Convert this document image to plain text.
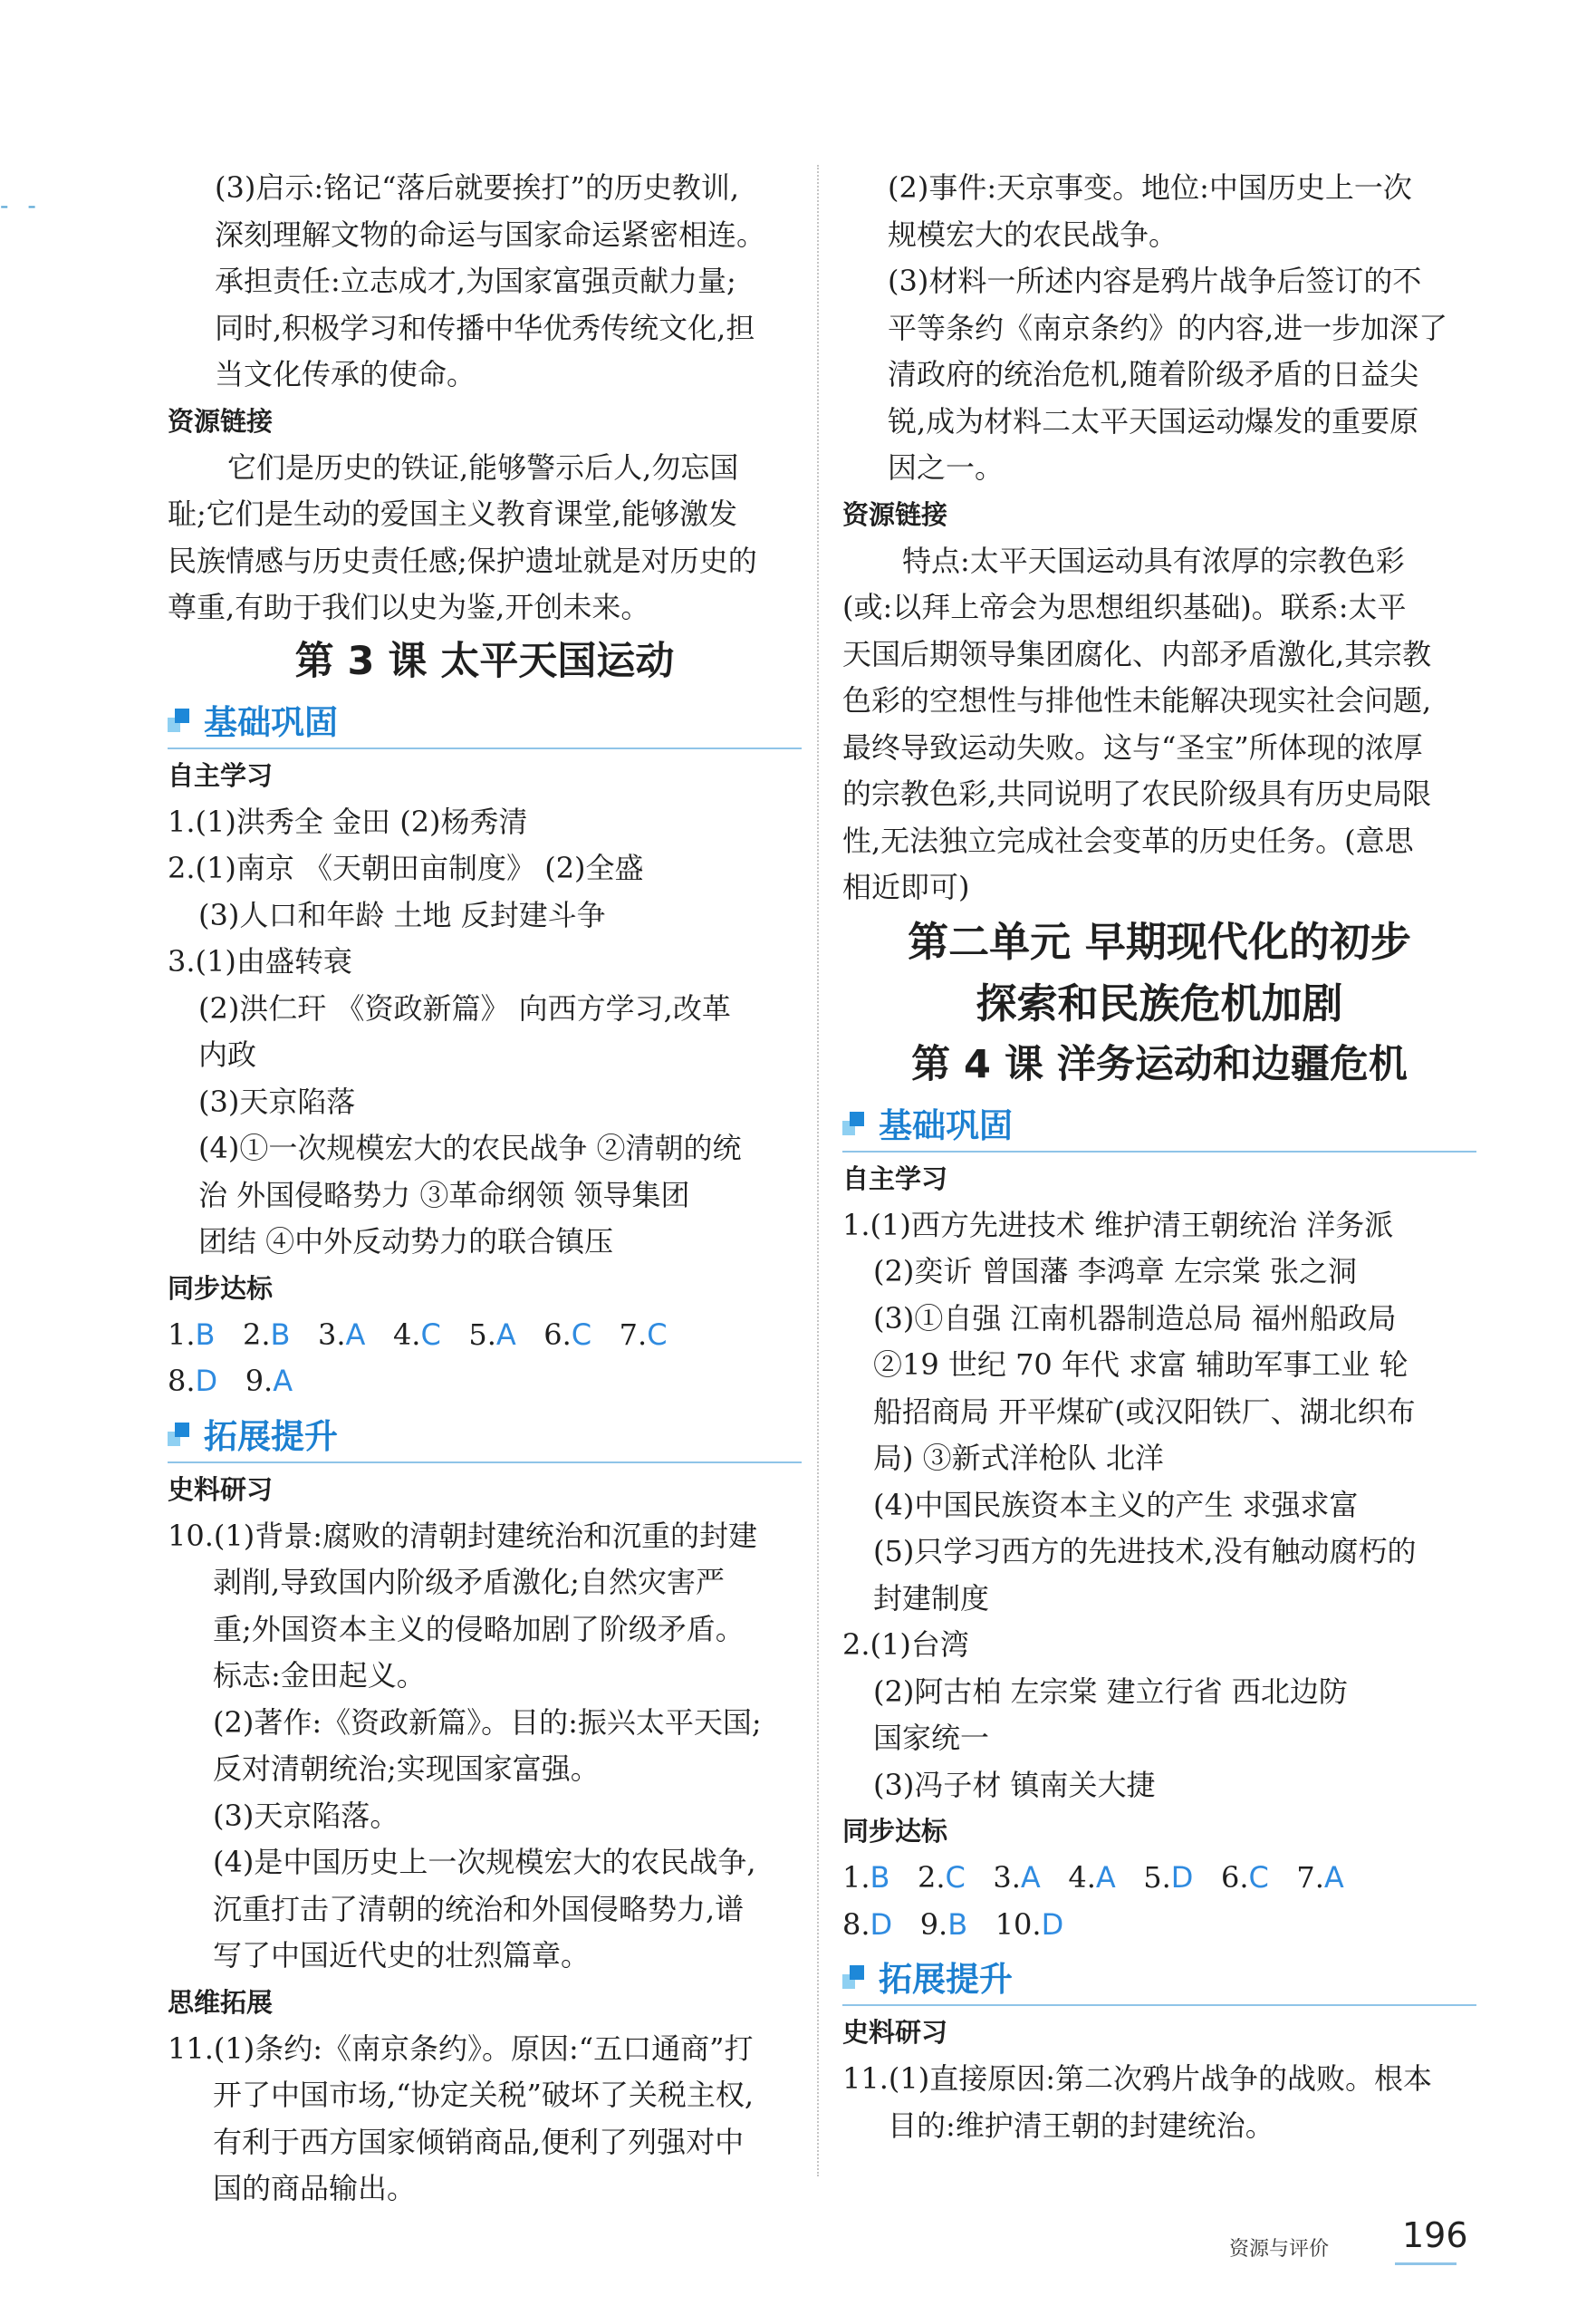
- -
(3)启示:铭记“落后就要挨打”的历史教训,
深刻理解文物的命运与国家命运紧密相连。
承担责任:立志成才,为国家富强贡献力量;
同时,积极学习和传播中华优秀传统文化,担
当文化传承的使命。
资源链接
它们是历史的铁证,能够警示后人,勿忘国
耻;它们是生动的爱国主义教育课堂,能够激发
民族情感与历史责任感;保护遗址就是对历史的
尊重,有助于我们以史为鉴,开创未来。
第 3 课 太平天国运动
基础巩固
自主学习
1.(1)洪秀全 金田 (2)杨秀清
2.(1)南京 《天朝田亩制度》 (2)全盛
(3)人口和年龄 土地 反封建斗争
3.(1)由盛转衰
(2)洪仁玕 《资政新篇》 向西方学习,改革
内政
(3)天京陷落
(4)①一次规模宏大的农民战争 ②清朝的统
治 外国侵略势力 ③革命纲领 领导集团
团结 ④中外反动势力的联合镇压
同步达标
1.B 2.B 3.A 4.C 5.A 6.C 7.C
8.D 9.A
拓展提升
史料研习
10.(1)背景:腐败的清朝封建统治和沉重的封建
剥削,导致国内阶级矛盾激化;自然灾害严
重;外国资本主义的侵略加剧了阶级矛盾。
标志:金田起义。
(2)著作:《资政新篇》。目的:振兴太平天国;
反对清朝统治;实现国家富强。
(3)天京陷落。
(4)是中国历史上一次规模宏大的农民战争,
沉重打击了清朝的统治和外国侵略势力,谱
写了中国近代史的壮烈篇章。
思维拓展
11.(1)条约:《南京条约》。原因:“五口通商”打
开了中国市场,“协定关税”破坏了关税主权,
有利于西方国家倾销商品,便利了列强对中
国的商品输出。
(2)事件:天京事变。地位:中国历史上一次
规模宏大的农民战争。
(3)材料一所述内容是鸦片战争后签订的不
平等条约《南京条约》的内容,进一步加深了
清政府的统治危机,随着阶级矛盾的日益尖
锐,成为材料二太平天国运动爆发的重要原
因之一。
资源链接
特点:太平天国运动具有浓厚的宗教色彩
(或:以拜上帝会为思想组织基础)。联系:太平
天国后期领导集团腐化、内部矛盾激化,其宗教
色彩的空想性与排他性未能解决现实社会问题,
最终导致运动失败。这与“圣宝”所体现的浓厚
的宗教色彩,共同说明了农民阶级具有历史局限
性,无法独立完成社会变革的历史任务。(意思
相近即可)
第二单元 早期现代化的初步
探索和民族危机加剧
第 4 课 洋务运动和边疆危机
基础巩固
自主学习
1.(1)西方先进技术 维护清王朝统治 洋务派
(2)奕䜣 曾国藩 李鸿章 左宗棠 张之洞
(3)①自强 江南机器制造总局 福州船政局
②19 世纪 70 年代 求富 辅助军事工业 轮
船招商局 开平煤矿(或汉阳铁厂、湖北织布
局) ③新式洋枪队 北洋
(4)中国民族资本主义的产生 求强求富
(5)只学习西方的先进技术,没有触动腐朽的
封建制度
2.(1)台湾
(2)阿古柏 左宗棠 建立行省 西北边防
国家统一
(3)冯子材 镇南关大捷
同步达标
1.B 2.C 3.A 4.A 5.D 6.C 7.A
8.D 9.B 10.D
拓展提升
史料研习
11.(1)直接原因:第二次鸦片战争的战败。根本
目的:维护清王朝的封建统治。
资源与评价 196
